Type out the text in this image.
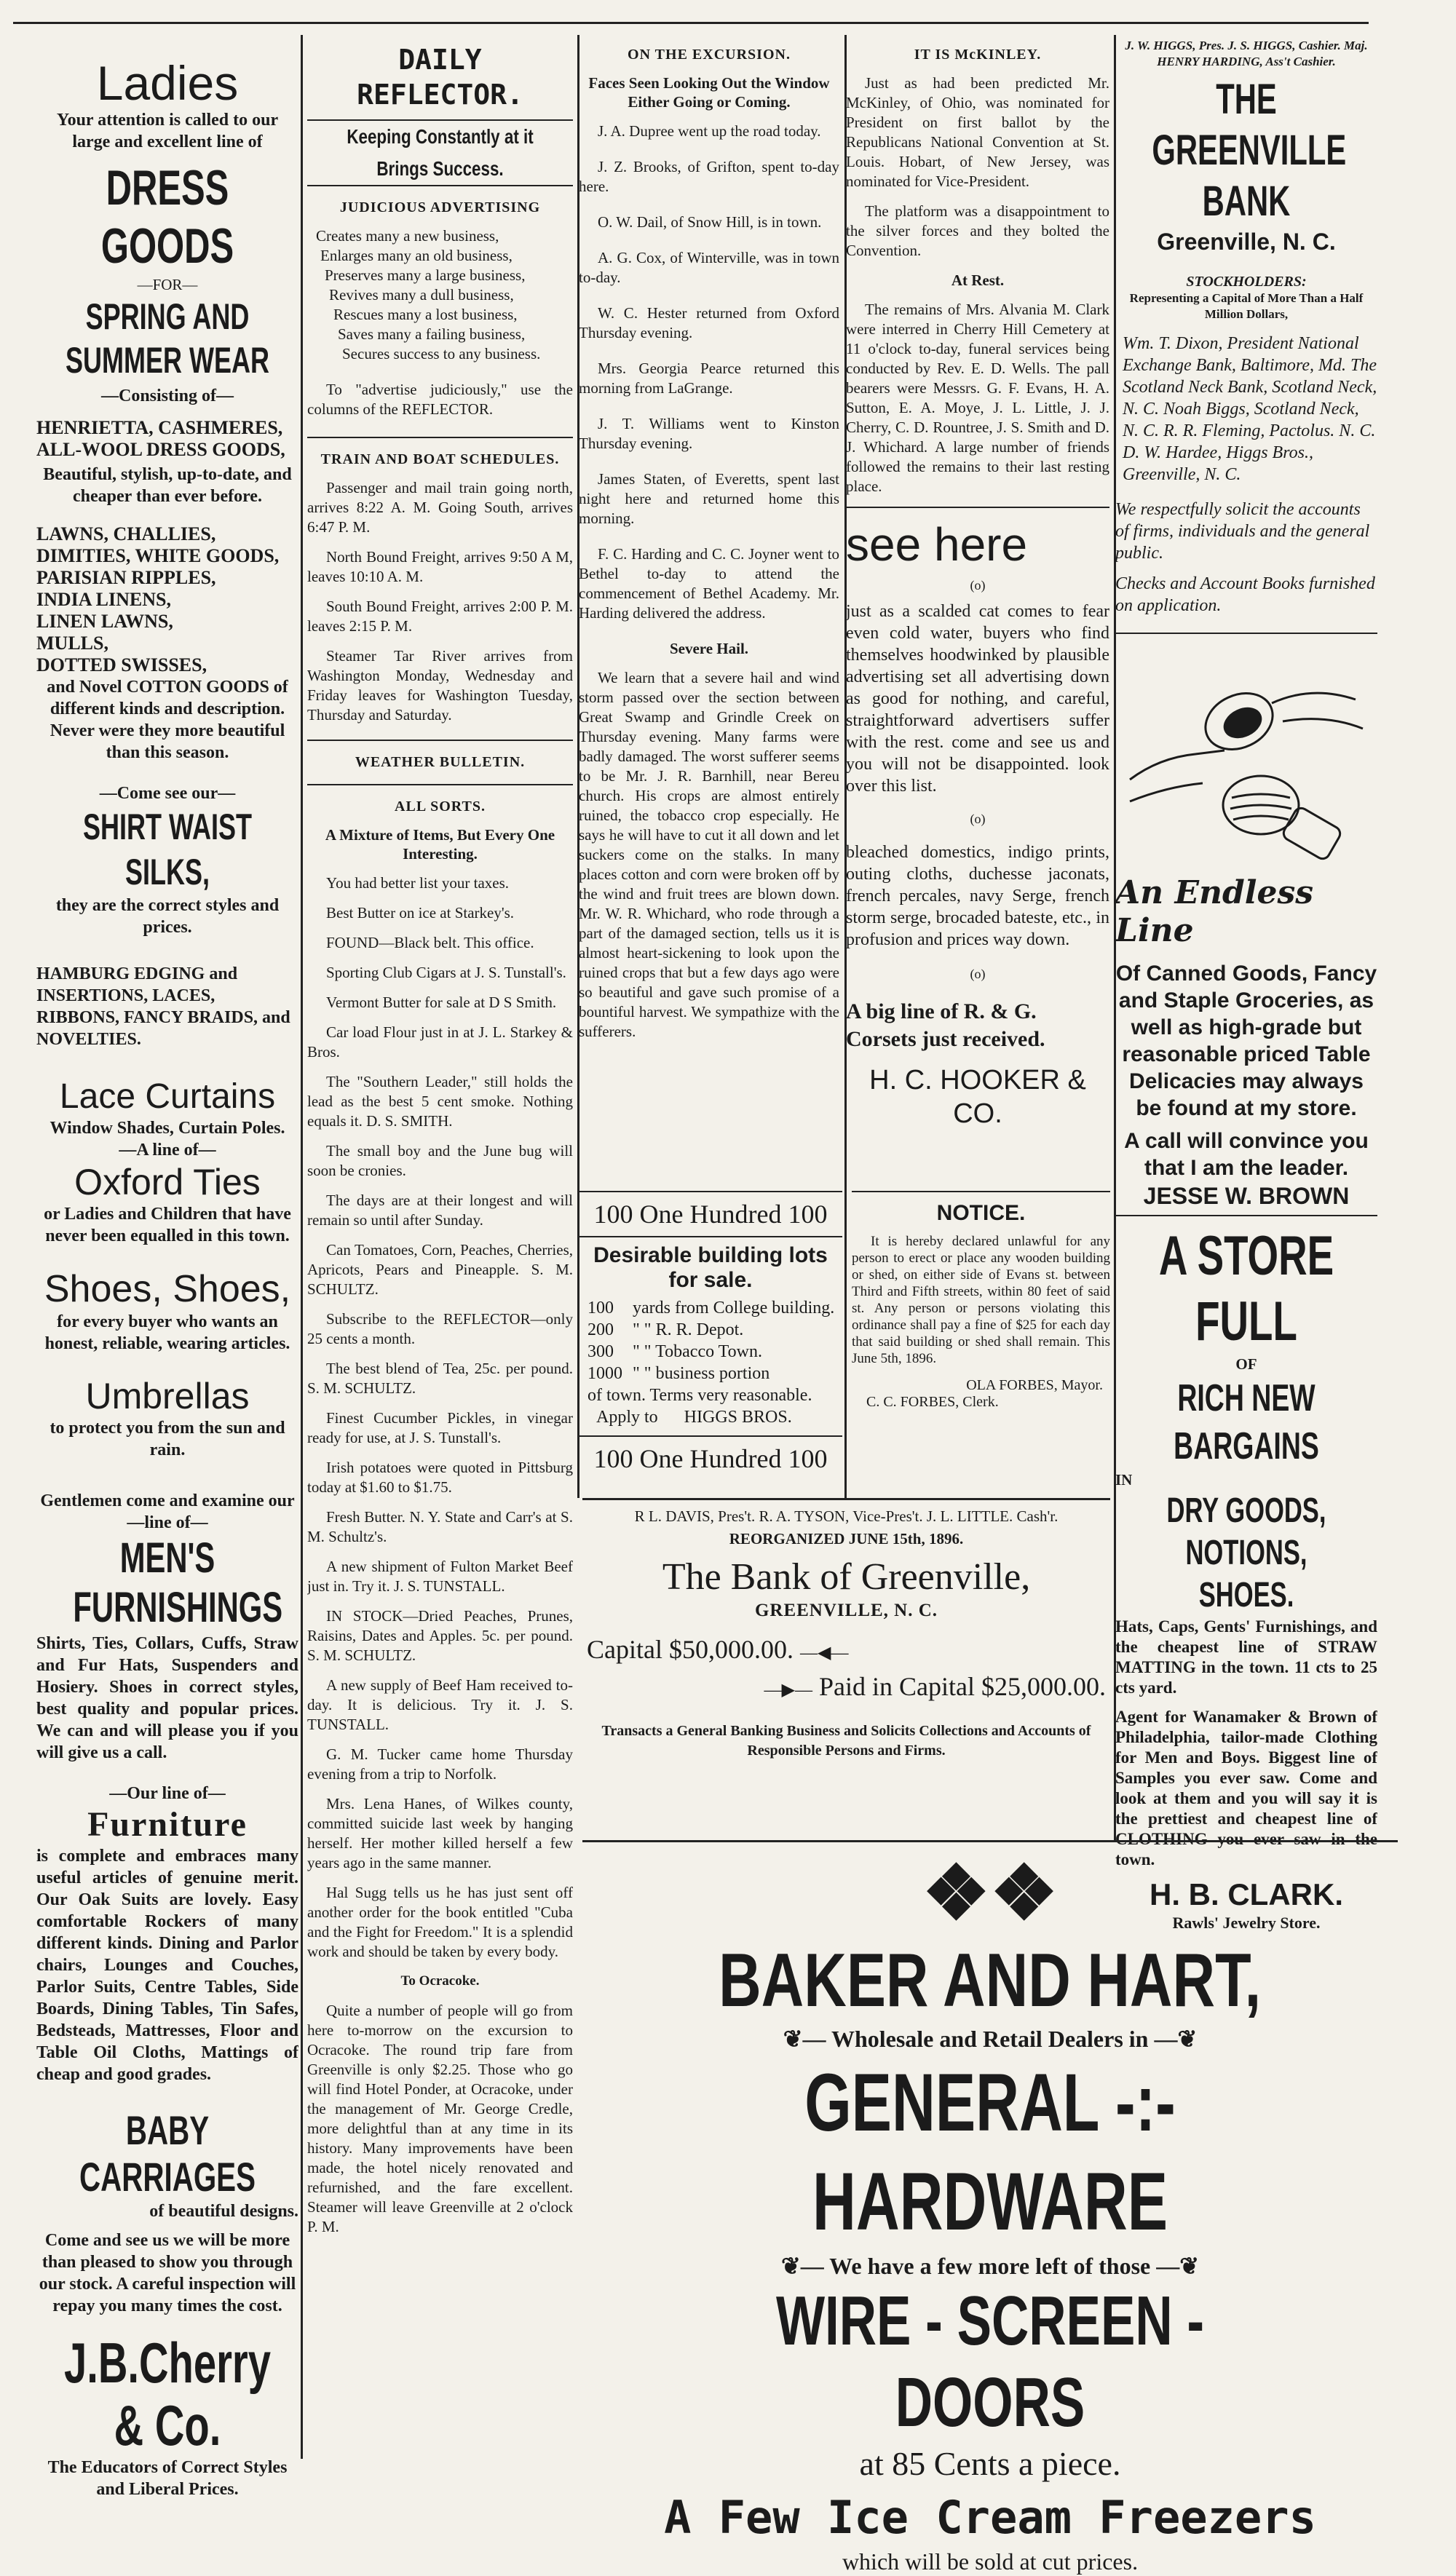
Ladies
Your attention is called to our large and excellent line of
DRESS GOODS
—FOR—
SPRING AND SUMMER WEAR
—Consisting of—
HENRIETTA, CASHMERES,
ALL-WOOL DRESS GOODS,
Beautiful, stylish, up-to-date, and cheaper than ever before.
LAWNS, CHALLIES,
DIMITIES, WHITE GOODS,
PARISIAN RIPPLES,
INDIA LINENS,
LINEN LAWNS,
MULLS,
DOTTED SWISSES,
and Novel COTTON GOODS of different kinds and description. Never were they more beautiful than this season.
—Come see our—
SHIRT WAIST SILKS,
they are the correct styles and prices.
HAMBURG EDGING and INSERTIONS, LACES, RIBBONS, FANCY BRAIDS, and NOVELTIES.
Lace Curtains
Window Shades, Curtain Poles.
—A line of—
Oxford Ties
or Ladies and Children that have never been equalled in this town.
Shoes, Shoes,
for every buyer who wants an honest, reliable, wearing articles.
Umbrellas
to protect you from the sun and rain.
Gentlemen come and examine our —line of—
MEN'S FURNISHINGS
Shirts, Ties, Collars, Cuffs, Straw and Fur Hats, Suspenders and Hosiery. Shoes in correct styles, best quality and popular prices. We can and will please you if you will give us a call.
—Our line of—
Furniture
is complete and embraces many useful articles of genuine merit. Our Oak Suits are lovely. Easy comfortable Rockers of many different kinds. Dining and Parlor chairs, Lounges and Couches, Parlor Suits, Centre Tables, Side Boards, Dining Tables, Tin Safes, Bedsteads, Mattresses, Floor and Table Oil Cloths, Mattings of cheap and good grades.
BABY CARRIAGES
of beautiful designs.
Come and see us we will be more than pleased to show you through our stock. A careful inspection will repay you many times the cost.
J.B.Cherry & Co.
The Educators of Correct Styles and Liberal Prices.
DAILY REFLECTOR.
Keeping Constantly at it Brings Success.
JUDICIOUS ADVERTISING
Creates many a new business,
Enlarges many an old business,
Preserves many a large business,
Revives many a dull business,
Rescues many a lost business,
Saves many a failing business,
Secures success to any business.
To "advertise judiciously," use the columns of the REFLECTOR.
TRAIN AND BOAT SCHEDULES.
Passenger and mail train going north, arrives 8:22 A. M. Going South, arrives 6:47 P. M.
North Bound Freight, arrives 9:50 A M, leaves 10:10 A. M.
South Bound Freight, arrives 2:00 P. M. leaves 2:15 P. M.
Steamer Tar River arrives from Washington Monday, Wednesday and Friday leaves for Washington Tuesday, Thursday and Saturday.
WEATHER BULLETIN.
ALL SORTS.
A Mixture of Items, But Every One Interesting.
You had better list your taxes.
Best Butter on ice at Starkey's.
FOUND—Black belt. This office.
Sporting Club Cigars at J. S. Tunstall's.
Vermont Butter for sale at D S Smith.
Car load Flour just in at J. L. Starkey & Bros.
The "Southern Leader," still holds the lead as the best 5 cent smoke. Nothing equals it. D. S. SMITH.
The small boy and the June bug will soon be cronies.
The days are at their longest and will remain so until after Sunday.
Can Tomatoes, Corn, Peaches, Cherries, Apricots, Pears and Pineapple. S. M. SCHULTZ.
Subscribe to the REFLECTOR—only 25 cents a month.
The best blend of Tea, 25c. per pound. S. M. SCHULTZ.
Finest Cucumber Pickles, in vinegar ready for use, at J. S. Tunstall's.
Irish potatoes were quoted in Pittsburg today at $1.60 to $1.75.
Fresh Butter. N. Y. State and Carr's at S. M. Schultz's.
A new shipment of Fulton Market Beef just in. Try it. J. S. TUNSTALL.
IN STOCK—Dried Peaches, Prunes, Raisins, Dates and Apples. 5c. per pound. S. M. SCHULTZ.
A new supply of Beef Ham received to-day. It is delicious. Try it. J. S. TUNSTALL.
G. M. Tucker came home Thursday evening from a trip to Norfolk.
Mrs. Lena Hanes, of Wilkes county, committed suicide last week by hanging herself. Her mother killed herself a few years ago in the same manner.
Hal Sugg tells us he has just sent off another order for the book entitled "Cuba and the Fight for Freedom." It is a splendid work and should be taken by every body.
To Ocracoke.
Quite a number of people will go from here to-morrow on the excursion to Ocracoke. The round trip fare from Greenville is only $2.25. Those who go will find Hotel Ponder, at Ocracoke, under the management of Mr. George Credle, more delightful than at any time in its history. Many improvements have been made, the hotel nicely renovated and refurnished, and the fare excellent. Steamer will leave Greenville at 2 o'clock P. M.
ON THE EXCURSION.
Faces Seen Looking Out the Window Either Going or Coming.
J. A. Dupree went up the road today.
J. Z. Brooks, of Grifton, spent to-day here.
O. W. Dail, of Snow Hill, is in town.
A. G. Cox, of Winterville, was in town to-day.
W. C. Hester returned from Oxford Thursday evening.
Mrs. Georgia Pearce returned this morning from LaGrange.
J. T. Williams went to Kinston Thursday evening.
James Staten, of Everetts, spent last night here and returned home this morning.
F. C. Harding and C. C. Joyner went to Bethel to-day to attend the commencement of Bethel Academy. Mr. Harding delivered the address.
Severe Hail.
We learn that a severe hail and wind storm passed over the section between Great Swamp and Grindle Creek on Thursday evening. Many farms were badly damaged. The worst sufferer seems to be Mr. J. R. Barnhill, near Bereu church. His crops are almost entirely ruined, the tobacco crop especially. He says he will have to cut it all down and let suckers come on the stalks. In many places cotton and corn were broken off by the wind and fruit trees are blown down. Mr. W. R. Whichard, who rode through a part of the damaged section, tells us it is almost heart-sickening to look upon the ruined crops that but a few days ago were so beautiful and gave such promise of a bountiful harvest. We sympathize with the sufferers.
IT IS McKINLEY.
Just as had been predicted Mr. McKinley, of Ohio, was nominated for President on first ballot by the Republicans National Convention at St. Louis. Hobart, of New Jersey, was nominated for Vice-President.
The platform was a disappointment to the silver forces and they bolted the Convention.
At Rest.
The remains of Mrs. Alvania M. Clark were interred in Cherry Hill Cemetery at 11 o'clock to-day, funeral services being conducted by Rev. E. D. Wells. The pall bearers were Messrs. G. F. Evans, H. A. Sutton, E. A. Moye, J. L. Little, J. J. Cherry, C. D. Rountree, J. S. Smith and D. J. Whichard. A large number of friends followed the remains to their last resting place.
see here
(o)
just as a scalded cat comes to fear even cold water, buyers who find themselves hoodwinked by plausible advertising set all advertising down as good for nothing, and careful, straightforward advertisers suffer with the rest. come and see us and you will not be disappointed. look over this list.
(o)
bleached domestics, indigo prints, outing cloths, duchesse jaconats, french percales, navy Serge, french storm serge, brocaded bateste, etc., in profusion and prices way down.
(o)
A big line of R. & G. Corsets just received.
H. C. HOOKER & CO.
100 One Hundred 100
Desirable building lots for sale.
100 yards from College building.
200 " " R. R. Depot.
300 " " Tobacco Town.
1000 " " business portion
of town. Terms very reasonable.
Apply to HIGGS BROS.
100 One Hundred 100
NOTICE.
It is hereby declared unlawful for any person to erect or place any wooden building or shed, on either side of Evans st. between Third and Fifth streets, within 80 feet of said st. Any person or persons violating this ordinance shall pay a fine of $25 for each day that said building or shed shall remain. This June 5th, 1896.
OLA FORBES, Mayor.
C. C. FORBES, Clerk.
R L. DAVIS, Pres't. R. A. TYSON, Vice-Pres't. J. L. LITTLE. Cash'r.
REORGANIZED JUNE 15th, 1896.
The Bank of Greenville,
GREENVILLE, N. C.
Capital $50,000.00. —◀—
—▶— Paid in Capital $25,000.00.
Transacts a General Banking Business and Solicits Collections and Accounts of Responsible Persons and Firms.
J. W. HIGGS, Pres. J. S. HIGGS, Cashier. Maj. HENRY HARDING, Ass't Cashier.
THE GREENVILLE BANK
Greenville, N. C.
STOCKHOLDERS:
Representing a Capital of More Than a Half Million Dollars,
Wm. T. Dixon, President National Exchange Bank, Baltimore, Md. The Scotland Neck Bank, Scotland Neck, N. C. Noah Biggs, Scotland Neck, N. C. R. R. Fleming, Pactolus. N. C. D. W. Hardee, Higgs Bros., Greenville, N. C.
We respectfully solicit the accounts of firms, individuals and the general public.
Checks and Account Books furnished on application.
An Endless Line
Of Canned Goods, Fancy and Staple Groceries, as well as high-grade but reasonable priced Table Delicacies may always be found at my store.
A call will convince you that I am the leader.
JESSE W. BROWN
A STORE FULL
OF
RICH NEW BARGAINS
IN
DRY GOODS, NOTIONS, SHOES.
Hats, Caps, Gents' Furnishings, and the cheapest line of STRAW MATTING in the town. 11 cts to 25 cts yard.
Agent for Wanamaker & Brown of Philadelphia, tailor-made Clothing for Men and Boys. Biggest line of Samples you ever saw. Come and look at them and you will say it is the prettiest and cheapest line of CLOTHING you ever saw in the town.
H. B. CLARK.
Rawls' Jewelry Store.
❖❖ BAKER AND HART,
❦— Wholesale and Retail Dealers in —❦
GENERAL -:- HARDWARE
❦— We have a few more left of those —❦
WIRE - SCREEN - DOORS
at 85 Cents a piece.
A Few Ice Cream Freezers
which will be sold at cut prices.
